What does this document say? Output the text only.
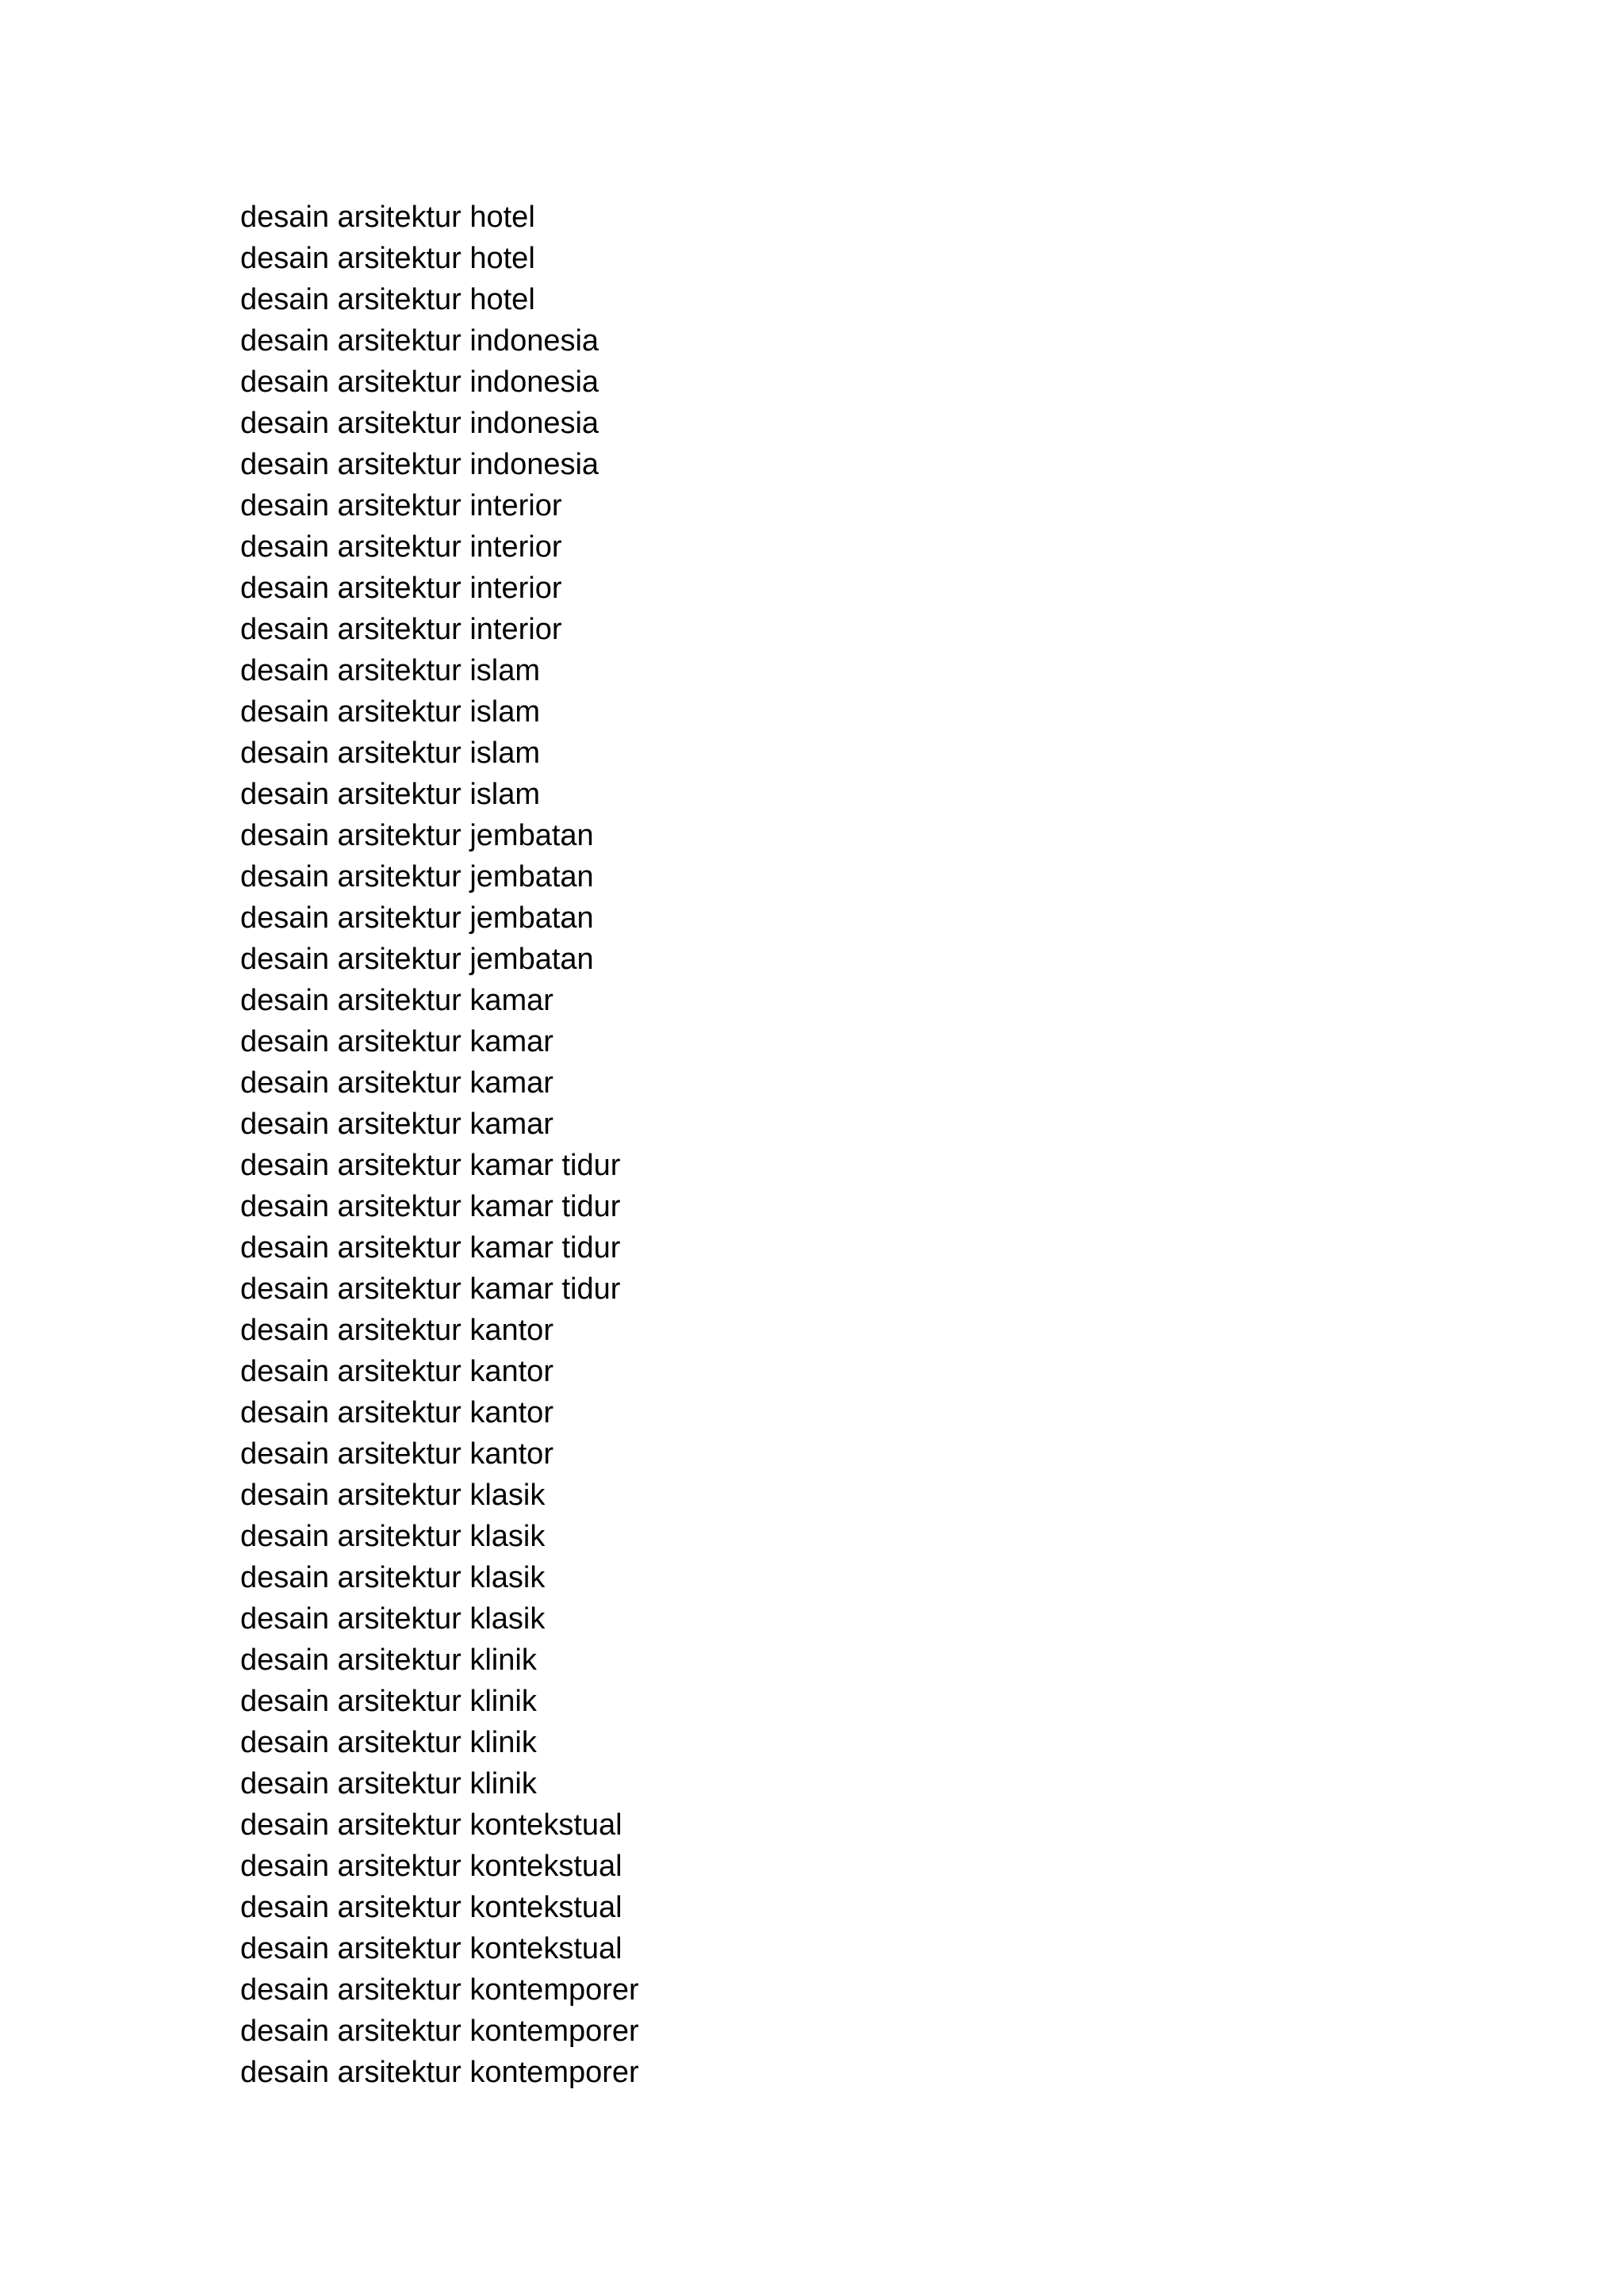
desain arsitektur hotel
desain arsitektur hotel
desain arsitektur hotel
desain arsitektur indonesia
desain arsitektur indonesia
desain arsitektur indonesia
desain arsitektur indonesia
desain arsitektur interior
desain arsitektur interior
desain arsitektur interior
desain arsitektur interior
desain arsitektur islam
desain arsitektur islam
desain arsitektur islam
desain arsitektur islam
desain arsitektur jembatan
desain arsitektur jembatan
desain arsitektur jembatan
desain arsitektur jembatan
desain arsitektur kamar
desain arsitektur kamar
desain arsitektur kamar
desain arsitektur kamar
desain arsitektur kamar tidur
desain arsitektur kamar tidur
desain arsitektur kamar tidur
desain arsitektur kamar tidur
desain arsitektur kantor
desain arsitektur kantor
desain arsitektur kantor
desain arsitektur kantor
desain arsitektur klasik
desain arsitektur klasik
desain arsitektur klasik
desain arsitektur klasik
desain arsitektur klinik
desain arsitektur klinik
desain arsitektur klinik
desain arsitektur klinik
desain arsitektur kontekstual
desain arsitektur kontekstual
desain arsitektur kontekstual
desain arsitektur kontekstual
desain arsitektur kontemporer
desain arsitektur kontemporer
desain arsitektur kontemporer
